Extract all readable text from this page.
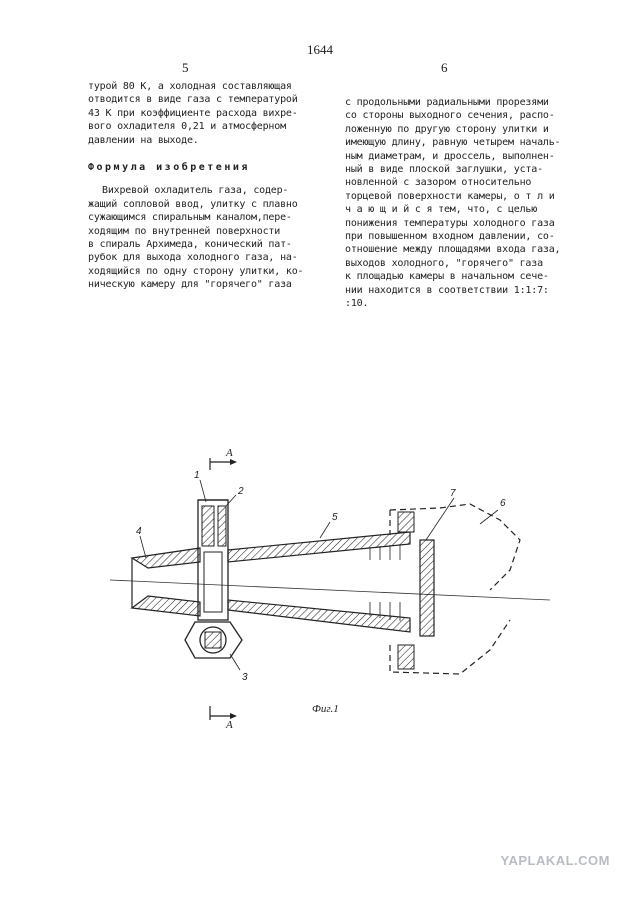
1644
5	6

турой 80 К, а холодная составляющая
отводится в виде газа с температурой
43 К при коэффициенте расхода вихре-
вого охладителя 0,21 и атмосферном
давлении на выходе.

Формула изобретения

Вихревой охладитель газа, содер-
жащий сопловой ввод, улитку с плавно
сужающимся спиральным каналом,пере-
ходящим по внутренней поверхности
в спираль Архимеда, конический пат-
рубок для выхода холодного газа, на-
ходящийся по одну сторону улитки, ко-
ническую камеру для "горячего" газа

с продольными радиальными прорезями
со стороны выходного сечения, распо-
ложенную по другую сторону улитки и
имеющую длину, равную четырем началь-
ным диаметрам, и дроссель, выполнен-
ный в виде плоской заглушки, уста-
новленной с зазором относительно
торцевой поверхности камеры, о т л и
ч а ю щ и й с я тем, что, с целью
понижения температуры холодного газа
при повышенном входном давлении, со-
отношение между площадями входа газа,
выходов холодного, "горячего" газа
к площадью камеры в начальном сече-
нии находится в соответствии 1:1:7:
:10.

A
A
1
2
3
4
5
6
7
Фиг.1
YAPLAKAL.COM
